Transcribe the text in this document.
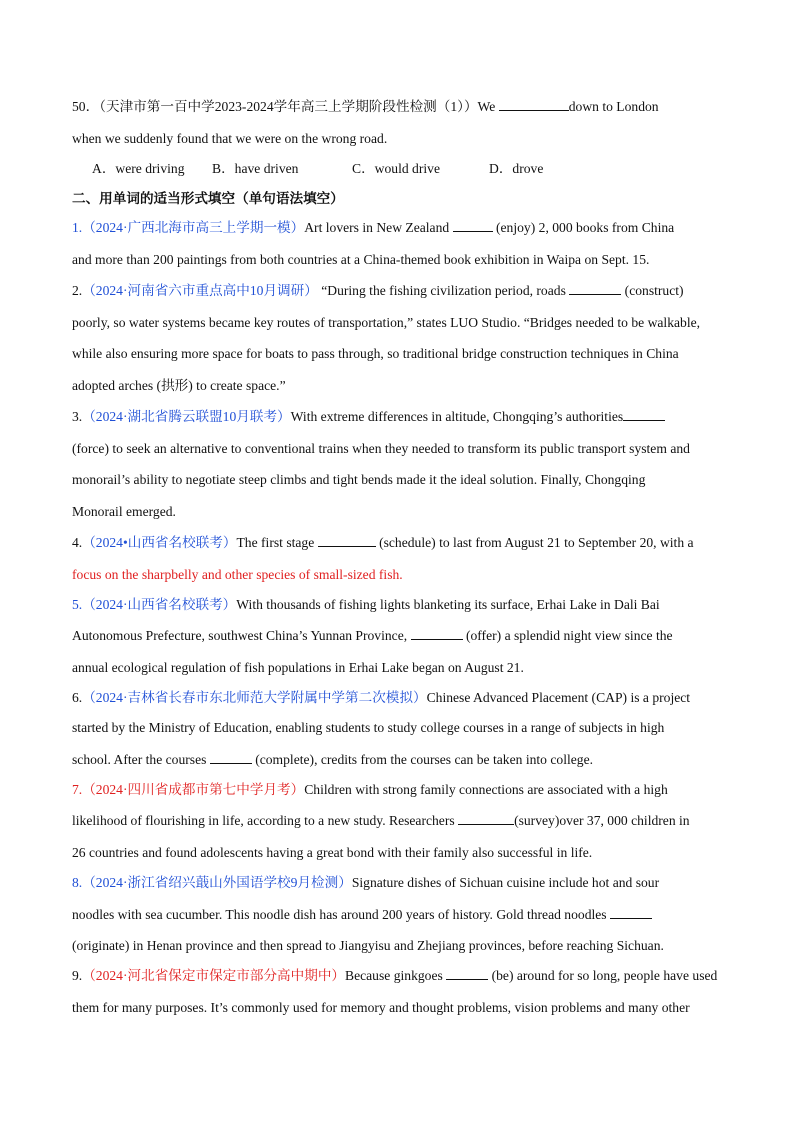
50．（天津市第一百中学2023-2024学年高三上学期阶段性检测（1））We	down to London
when we suddenly found that we were on the wrong road.
A．were driving B．have driven	C．would drive	D．drove
二、用单词的适当形式填空（单句语法填空）
1.（2024·广西北海市高三上学期一模）Art lovers in New Zealand	(enjoy) 2, 000 books from China
and more than 200 paintings from both countries at a China-themed book exhibition in Waipa on Sept. 15.
2.（2024·河南省六市重点高中10月调研） “During the fishing civilization period, roads	(construct)
poorly, so water systems became key routes of transportation,” states LUO Studio. “Bridges needed to be walkable,
while also ensuring more space for boats to pass through, so traditional bridge construction techniques in China
adopted arches (拱形) to create space.”
3.（2024·湖北省腾云联盟10月联考）With extreme differences in altitude, Chongqing’s authorities
(force) to seek an alternative to conventional trains when they needed to transform its public transport system and
monorail’s ability to negotiate steep climbs and tight bends made it the ideal solution. Finally, Chongqing
Monorail emerged.
4.（2024•山西省名校联考）The first stage	(schedule) to last from August 21 to September 20, with a
focus on the sharpbelly and other species of small-sized fish.
5.（2024·山西省名校联考）With thousands of fishing lights blanketing its surface, Erhai Lake in Dali Bai
Autonomous Prefecture, southwest China’s Yunnan Province,	(offer) a splendid night view since the
annual ecological regulation of fish populations in Erhai Lake began on August 21.
6.（2024·吉林省长春市东北师范大学附属中学第二次模拟）Chinese Advanced Placement (CAP) is a project
started by the Ministry of Education, enabling students to study college courses in a range of subjects in high
school. After the courses	(complete), credits from the courses can be taken into college.
7.（2024·四川省成都市第七中学月考）Children with strong family connections are associated with a high
likelihood of flourishing in life, according to a new study. Researchers	(survey)over 37, 000 children in
26 countries and found adolescents having a great bond with their family also successful in life.
8.（2024·浙江省绍兴蕺山外国语学校9月检测）Signature dishes of Sichuan cuisine include hot and sour
noodles with sea cucumber. This noodle dish has around 200 years of history. Gold thread noodles
(originate) in Henan province and then spread to Jiangyisu and Zhejiang provinces, before reaching Sichuan.
9.（2024·河北省保定市保定市部分高中期中）Because ginkgoes	(be) around for so long, people have used
them for many purposes. It’s commonly used for memory and thought problems, vision problems and many other
